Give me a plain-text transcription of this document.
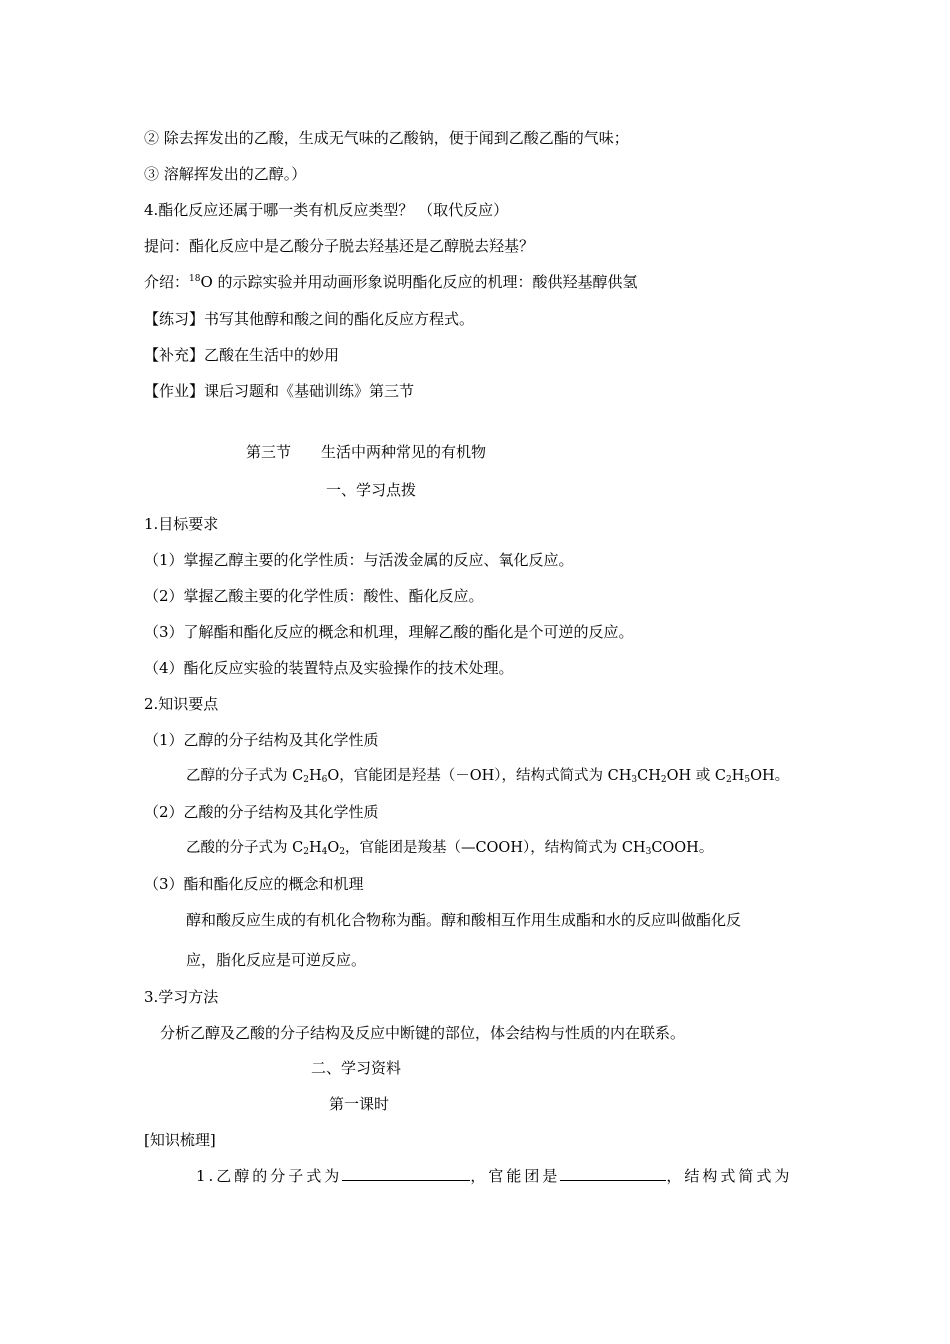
② 除去挥发出的乙酸，生成无气味的乙酸钠，便于闻到乙酸乙酯的气味；
③ 溶解挥发出的乙醇。）
4.酯化反应还属于哪一类有机反应类型？ （取代反应）
提问：酯化反应中是乙酸分子脱去羟基还是乙醇脱去羟基？
介绍：$^{18}$O 的示踪实验并用动画形象说明酯化反应的机理：酸供羟基醇供氢
【练习】书写其他醇和酸之间的酯化反应方程式。
【补充】乙酸在生活中的妙用
【作业】课后习题和《基础训练》第三节
第三节 生活中两种常见的有机物
一、学习点拨
1.目标要求
（1）掌握乙醇主要的化学性质：与活泼金属的反应、氧化反应。
（2）掌握乙酸主要的化学性质：酸性、酯化反应。
（3）了解酯和酯化反应的概念和机理，理解乙酸的酯化是个可逆的反应。
（4）酯化反应实验的装置特点及实验操作的技术处理。
2.知识要点
（1）乙醇的分子结构及其化学性质
乙醇的分子式为 $C_2H_6O$，官能团是羟基（－OH），结构式简式为 $CH_3CH_2OH$ 或 $C_2H_5OH$。
（2）乙酸的分子结构及其化学性质
乙酸的分子式为 $C_2H_4O_2$，官能团是羧基（—COOH），结构简式为 $CH_3COOH$。
（3）酯和酯化反应的概念和机理
醇和酸反应生成的有机化合物称为酯。醇和酸相互作用生成酯和水的反应叫做酯化反
应，脂化反应是可逆反应。
3.学习方法
分析乙醇及乙酸的分子结构及反应中断键的部位，体会结构与性质的内在联系。
二、学习资料
第一课时
[知识梳理]
1.乙醇的分子式为	，官能团是	，结构式简式为
